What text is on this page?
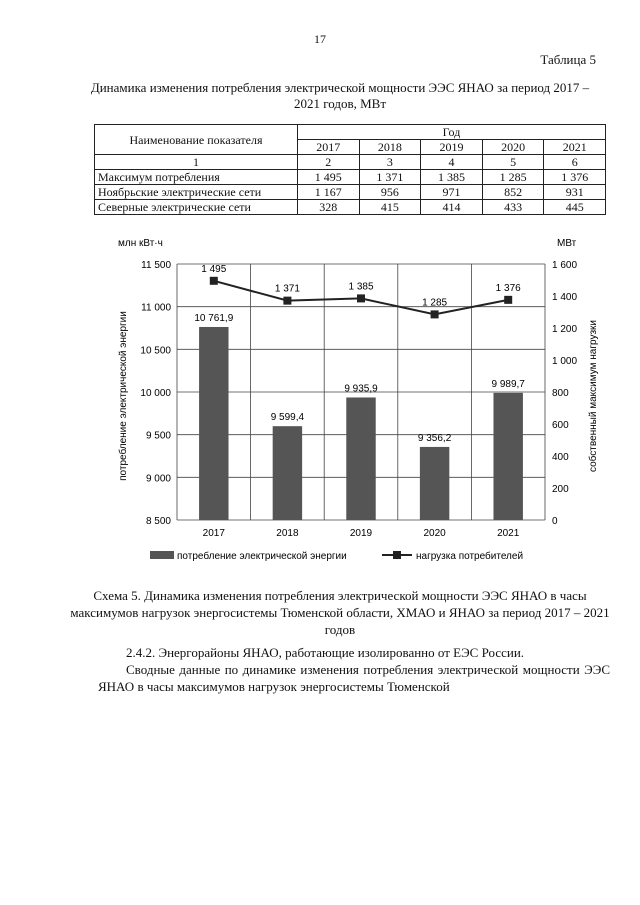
17
Таблица 5
Динамика изменения потребления электрической мощности ЭЭС ЯНАО за период 2017 – 2021 годов, МВт
Наименование показателя	Год				
	2017	2018	2019	2020	2021
1	2	3	4	5	6
Максимум потребления	1 495	1 371	1 385	1 285	1 376
Ноябрьские электрические сети	1 167	956	971	852	931
Северные электрические сети	328	415	414	433	445
млн кВт·ч	МВт
8 500
9 000
9 500
10 000
10 500
11 000
11 500
0
200
400
600
800
1 000
1 200
1 400
1 600
потребление электрической энергии	собственный максимум нагрузки
10 761,9
9 599,4
9 935,9
9 356,2
9 989,7
2017	2018	2019	2020	2021
1 495
1 371	1 385
1 285
1 376
потребление электрической энергии	нагрузка потребителей
Схема 5. Динамика изменения потребления электрической мощности ЭЭС ЯНАО в часы максимумов нагрузок энергосистемы Тюменской области, ХМАО и ЯНАО за период 2017 – 2021 годов
2.4.2. Энергорайоны ЯНАО, работающие изолированно от ЕЭС России.
Сводные данные по динамике изменения потребления электрической мощности ЭЭС ЯНАО в часы максимумов нагрузок энергосистемы Тюменской
